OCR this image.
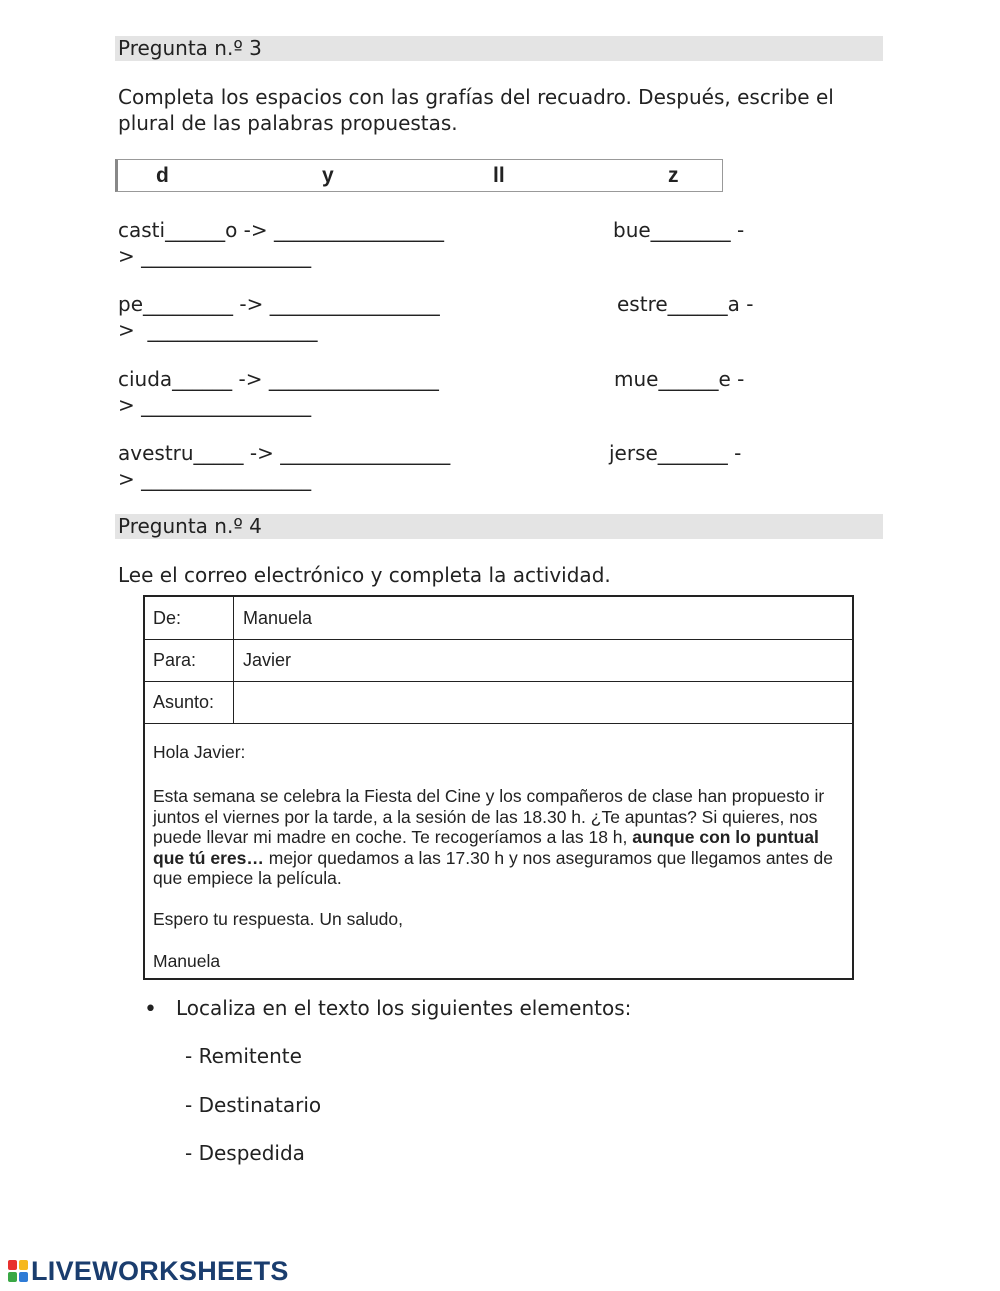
Pregunta n.º 3
Completa los espacios con las grafías del recuadro. Después, escribe el
plural de las palabras propuestas.
d	y	ll	z
casti______o -> _________________	bue________ -
> _________________
pe_________ -> _________________	estre______a -
>  _________________
ciuda______ -> _________________	mue______e -
> _________________
avestru_____ -> _________________	jerse_______ -
> _________________
Pregunta n.º 4
Lee el correo electrónico y completa la actividad.
De:	Manuela
Para:	Javier
Asunto:
Hola Javier:
Esta semana se celebra la Fiesta del Cine y los compañeros de clase han propuesto ir juntos el viernes por la tarde, a la sesión de las 18.30 h. ¿Te apuntas? Si quieres, nos puede llevar mi madre en coche. Te recogeríamos a las 18 h, aunque con lo puntual que tú eres… mejor quedamos a las 17.30 h y nos aseguramos que llegamos antes de que empiece la película.
Espero tu respuesta. Un saludo,
Manuela
• Localiza en el texto los siguientes elementos:
- Remitente
- Destinatario
- Despedida
LIVEWORKSHEETS
